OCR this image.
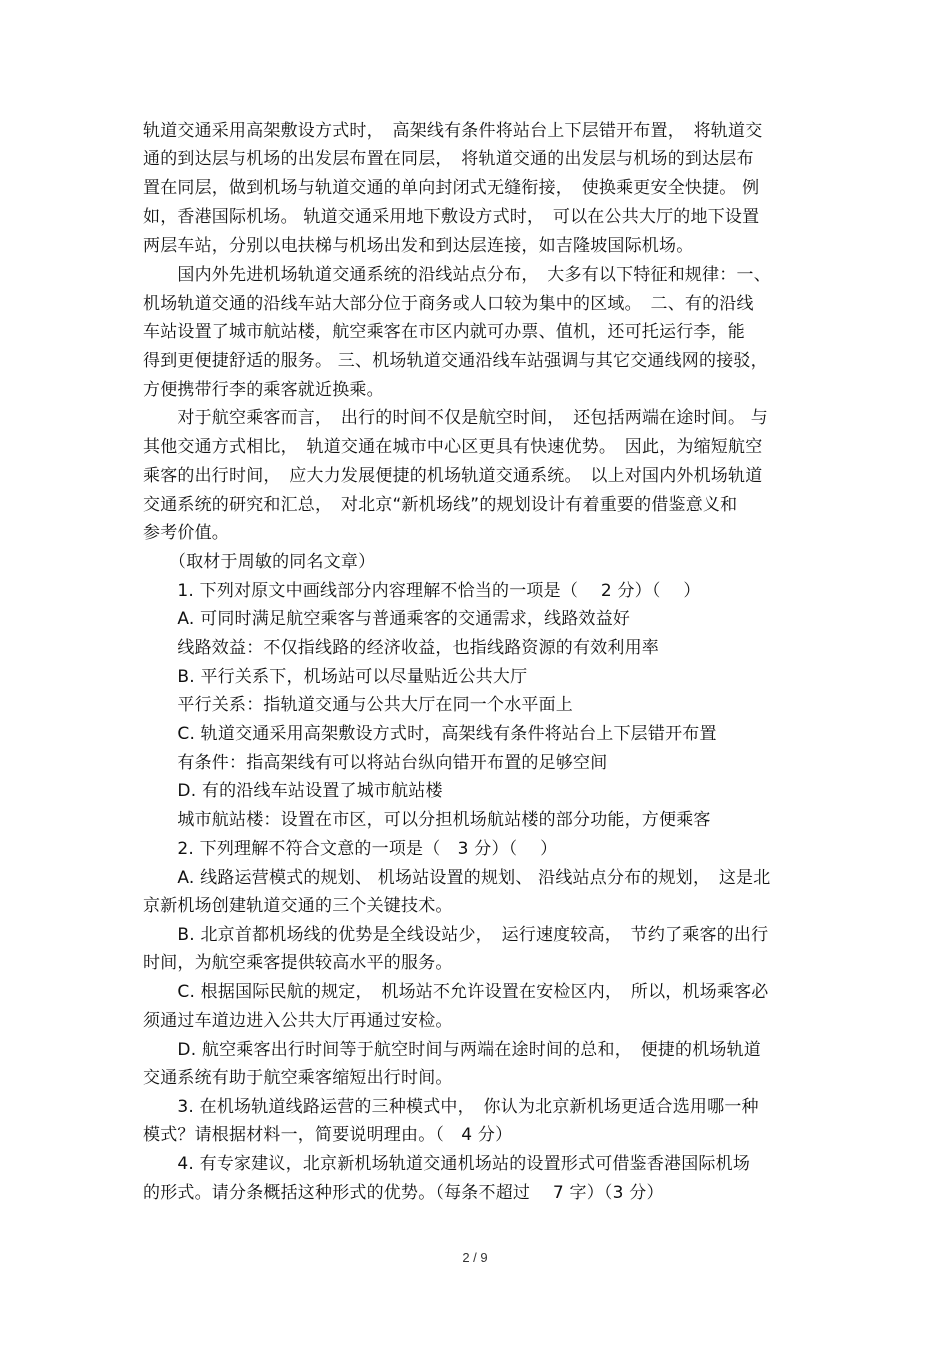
轨道交通采用高架敷设方式时，　高架线有条件将站台上下层错开布置，　将轨道交
通的到达层与机场的出发层布置在同层，　将轨道交通的出发层与机场的到达层布
置在同层，做到机场与轨道交通的单向封闭式无缝衔接，　使换乘更安全快捷。 例
如，香港国际机场。 轨道交通采用地下敷设方式时，　可以在公共大厅的地下设置
两层车站，分别以电扶梯与机场出发和到达层连接，如吉隆坡国际机场。
　　国内外先进机场轨道交通系统的沿线站点分布，　大多有以下特征和规律：一、
机场轨道交通的沿线车站大部分位于商务或人口较为集中的区域。　二、有的沿线
车站设置了城市航站楼，航空乘客在市区内就可办票、值机，还可托运行李，能
得到更便捷舒适的服务。 三、机场轨道交通沿线车站强调与其它交通线网的接驳，
方便携带行李的乘客就近换乘。
　　对于航空乘客而言，　出行的时间不仅是航空时间，　还包括两端在途时间。 与
其他交通方式相比，　轨道交通在城市中心区更具有快速优势。　因此，为缩短航空
乘客的出行时间，　应大力发展便捷的机场轨道交通系统。　以上对国内外机场轨道
交通系统的研究和汇总，　对北京“新机场线”的规划设计有着重要的借鉴意义和
参考价值。
　　（取材于周敏的同名文章）
　　1. 下列对原文中画线部分内容理解不恰当的一项是（　 2 分）（　 ）
　　A. 可同时满足航空乘客与普通乘客的交通需求，线路效益好
　　线路效益：不仅指线路的经济收益，也指线路资源的有效利用率
　　B. 平行关系下，机场站可以尽量贴近公共大厅
　　平行关系：指轨道交通与公共大厅在同一个水平面上
　　C. 轨道交通采用高架敷设方式时，高架线有条件将站台上下层错开布置
　　有条件：指高架线有可以将站台纵向错开布置的足够空间
　　D. 有的沿线车站设置了城市航站楼
　　城市航站楼：设置在市区，可以分担机场航站楼的部分功能，方便乘客
　　2. 下列理解不符合文意的一项是（　3 分）（　 ）
　　A. 线路运营模式的规划、 机场站设置的规划、 沿线站点分布的规划，　这是北
京新机场创建轨道交通的三个关键技术。
　　B. 北京首都机场线的优势是全线设站少，　运行速度较高，　节约了乘客的出行
时间，为航空乘客提供较高水平的服务。
　　C. 根据国际民航的规定，　机场站不允许设置在安检区内，　所以，机场乘客必
须通过车道边进入公共大厅再通过安检。
　　D. 航空乘客出行时间等于航空时间与两端在途时间的总和，　便捷的机场轨道
交通系统有助于航空乘客缩短出行时间。
　　3. 在机场轨道线路运营的三种模式中，　你认为北京新机场更适合选用哪一种
模式？请根据材料一，简要说明理由。（　4 分）
　　4. 有专家建议，北京新机场轨道交通机场站的设置形式可借鉴香港国际机场
的形式。请分条概括这种形式的优势。（每条不超过　 7 字）（3 分）
2 / 9
